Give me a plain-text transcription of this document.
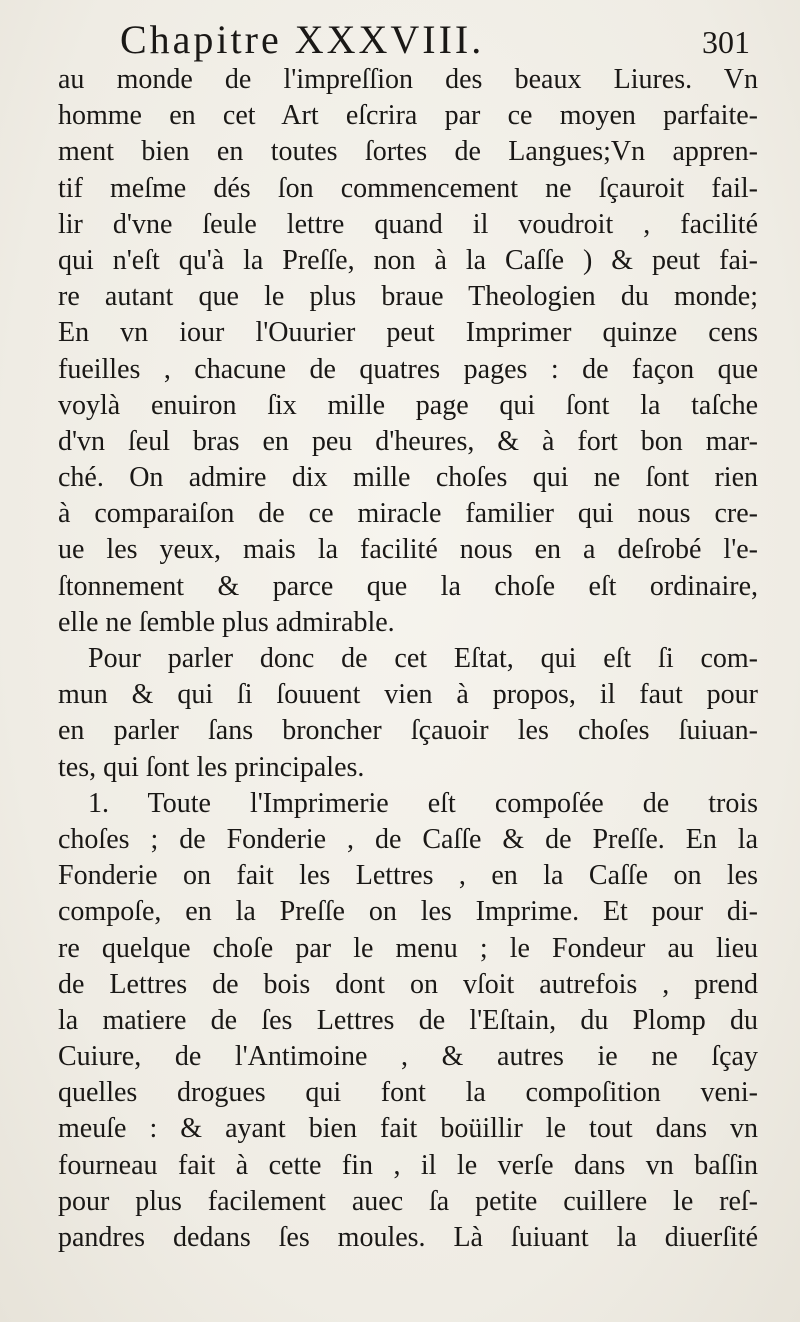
Chapitre XXXVIII.	301
au monde de l'impreſſion des beaux Liures. Vn
homme en cet Art eſcrira par ce moyen parfaite-
ment bien en toutes ſortes de Langues;Vn appren-
tif meſme dés ſon commencement ne ſçauroit fail-
lir d'vne ſeule lettre quand il voudroit , facilité
qui n'eſt qu'à la Preſſe, non à la Caſſe ) & peut fai-
re autant que le plus braue Theologien du monde;
En vn iour l'Ouurier peut Imprimer quinze cens
fueilles , chacune de quatres pages : de façon que
voylà enuiron ſix mille page qui ſont la taſche
d'vn ſeul bras en peu d'heures, & à fort bon mar-
ché. On admire dix mille choſes qui ne ſont rien
à comparaiſon de ce miracle familier qui nous cre-
ue les yeux, mais la facilité nous en a deſrobé l'e-
ſtonnement & parce que la choſe eſt ordinaire,
elle ne ſemble plus admirable.
Pour parler donc de cet Eſtat, qui eſt ſi com-
mun & qui ſi ſouuent vien à propos, il faut pour
en parler ſans broncher ſçauoir les choſes ſuiuan-
tes, qui ſont les principales.
1. Toute l'Imprimerie eſt compoſée de trois
choſes ; de Fonderie , de Caſſe & de Preſſe. En la
Fonderie on fait les Lettres , en la Caſſe on les
compoſe, en la Preſſe on les Imprime. Et pour di-
re quelque choſe par le menu ; le Fondeur au lieu
de Lettres de bois dont on vſoit autrefois , prend
la matiere de ſes Lettres de l'Eſtain, du Plomp du
Cuiure, de l'Antimoine , & autres ie ne ſçay
quelles drogues qui font la compoſition veni-
meuſe : & ayant bien fait boüillir le tout dans vn
fourneau fait à cette fin , il le verſe dans vn baſſin
pour plus facilement auec ſa petite cuillere le reſ-
pandres dedans ſes moules. Là ſuiuant la diuerſité
